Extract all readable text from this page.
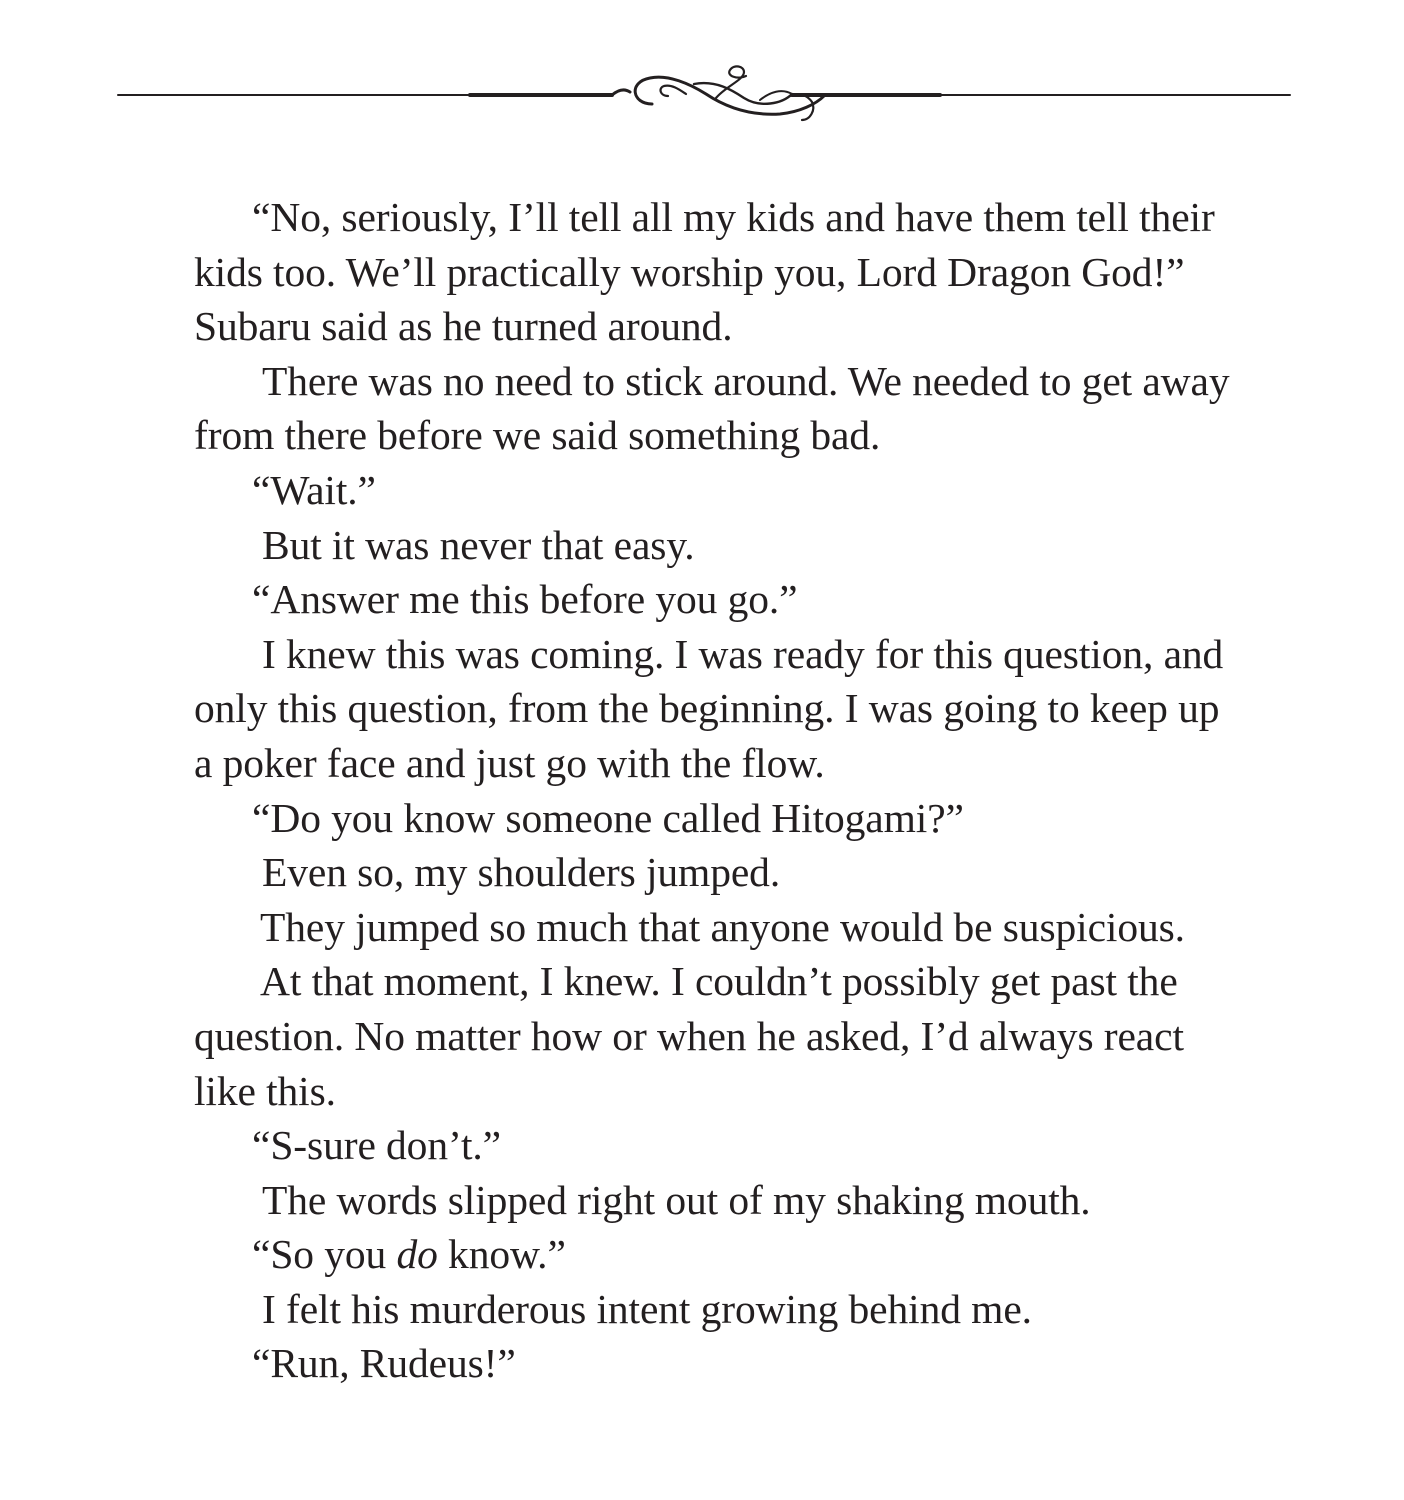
“No, seriously, I’ll tell all my kids and have them tell their kids too. We’ll practically worship you, Lord Dragon God!” Subaru said as he turned around.

There was no need to stick around. We needed to get away from there before we said something bad.

“Wait.”

But it was never that easy.

“Answer me this before you go.”

I knew this was coming. I was ready for this question, and only this question, from the beginning. I was going to keep up a poker face and just go with the flow.

“Do you know someone called Hitogami?”

Even so, my shoulders jumped.

They jumped so much that anyone would be suspicious.

At that moment, I knew. I couldn’t possibly get past the question. No matter how or when he asked, I’d always react like this.

“S-sure don’t.”

The words slipped right out of my shaking mouth.

“So you do know.”

I felt his murderous intent growing behind me.

“Run, Rudeus!”
